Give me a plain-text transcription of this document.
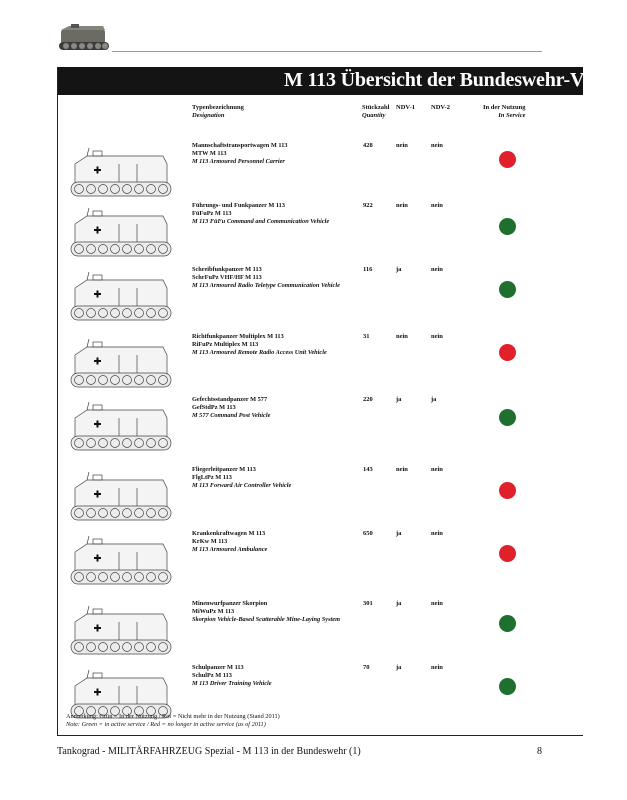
M 113 Übersicht der Bundeswehr-Varian
Typenbezeichnung
Designation
Stückzahl
Quantity
NDV-1 NDV-2	In der Nutzung
In Service
Mannschaftstransportwagen M 113
MTW M 113
M 113 Armoured Personnel Carrier
428	nein	nein
Führungs- und Funkpanzer M 113
FüFuPz M 113
M 113 FüFu Command and Communication Vehicle
922	nein	nein
Schreibfunkpanzer M 113
SchrFuPz VHF/HF M 113
M 113 Armoured Radio Teletype Communication Vehicle
116	ja	nein
Richtfunkpanzer Multiplex M 113
RiFuPz Multiplex M 113
M 113 Armoured Remote Radio Access Unit Vehicle
31	nein	nein
Gefechtsstandpanzer M 577
GefStdPz M 113
M 577 Command Post Vehicle
220	ja	ja
Fliegerleitpanzer M 113
FlgLtPz M 113
M 113 Forward Air Controller Vehicle
143	nein	nein
Krankenkraftwagen M 113
KrKw M 113
M 113 Armoured Ambulance
650	ja	nein
Minenwurfpanzer Skorpion
MiWuPz M 113
Skorpion Vehicle-Based Scatterable Mine-Laying System
301	ja	nein
Schulpanzer M 113
SchulPz M 113
M 113 Driver Training Vehicle
70	ja	nein
Anmerkung: Grün = In der Nutzung / Rot = Nicht mehr in der Nutzung (Stand 2011)
Note: Green = in active service / Red = no longer in active service (as of 2011)
Tankograd - MILITÄRFAHRZEUG Spezial - M 113 in der Bundeswehr (1)	8
